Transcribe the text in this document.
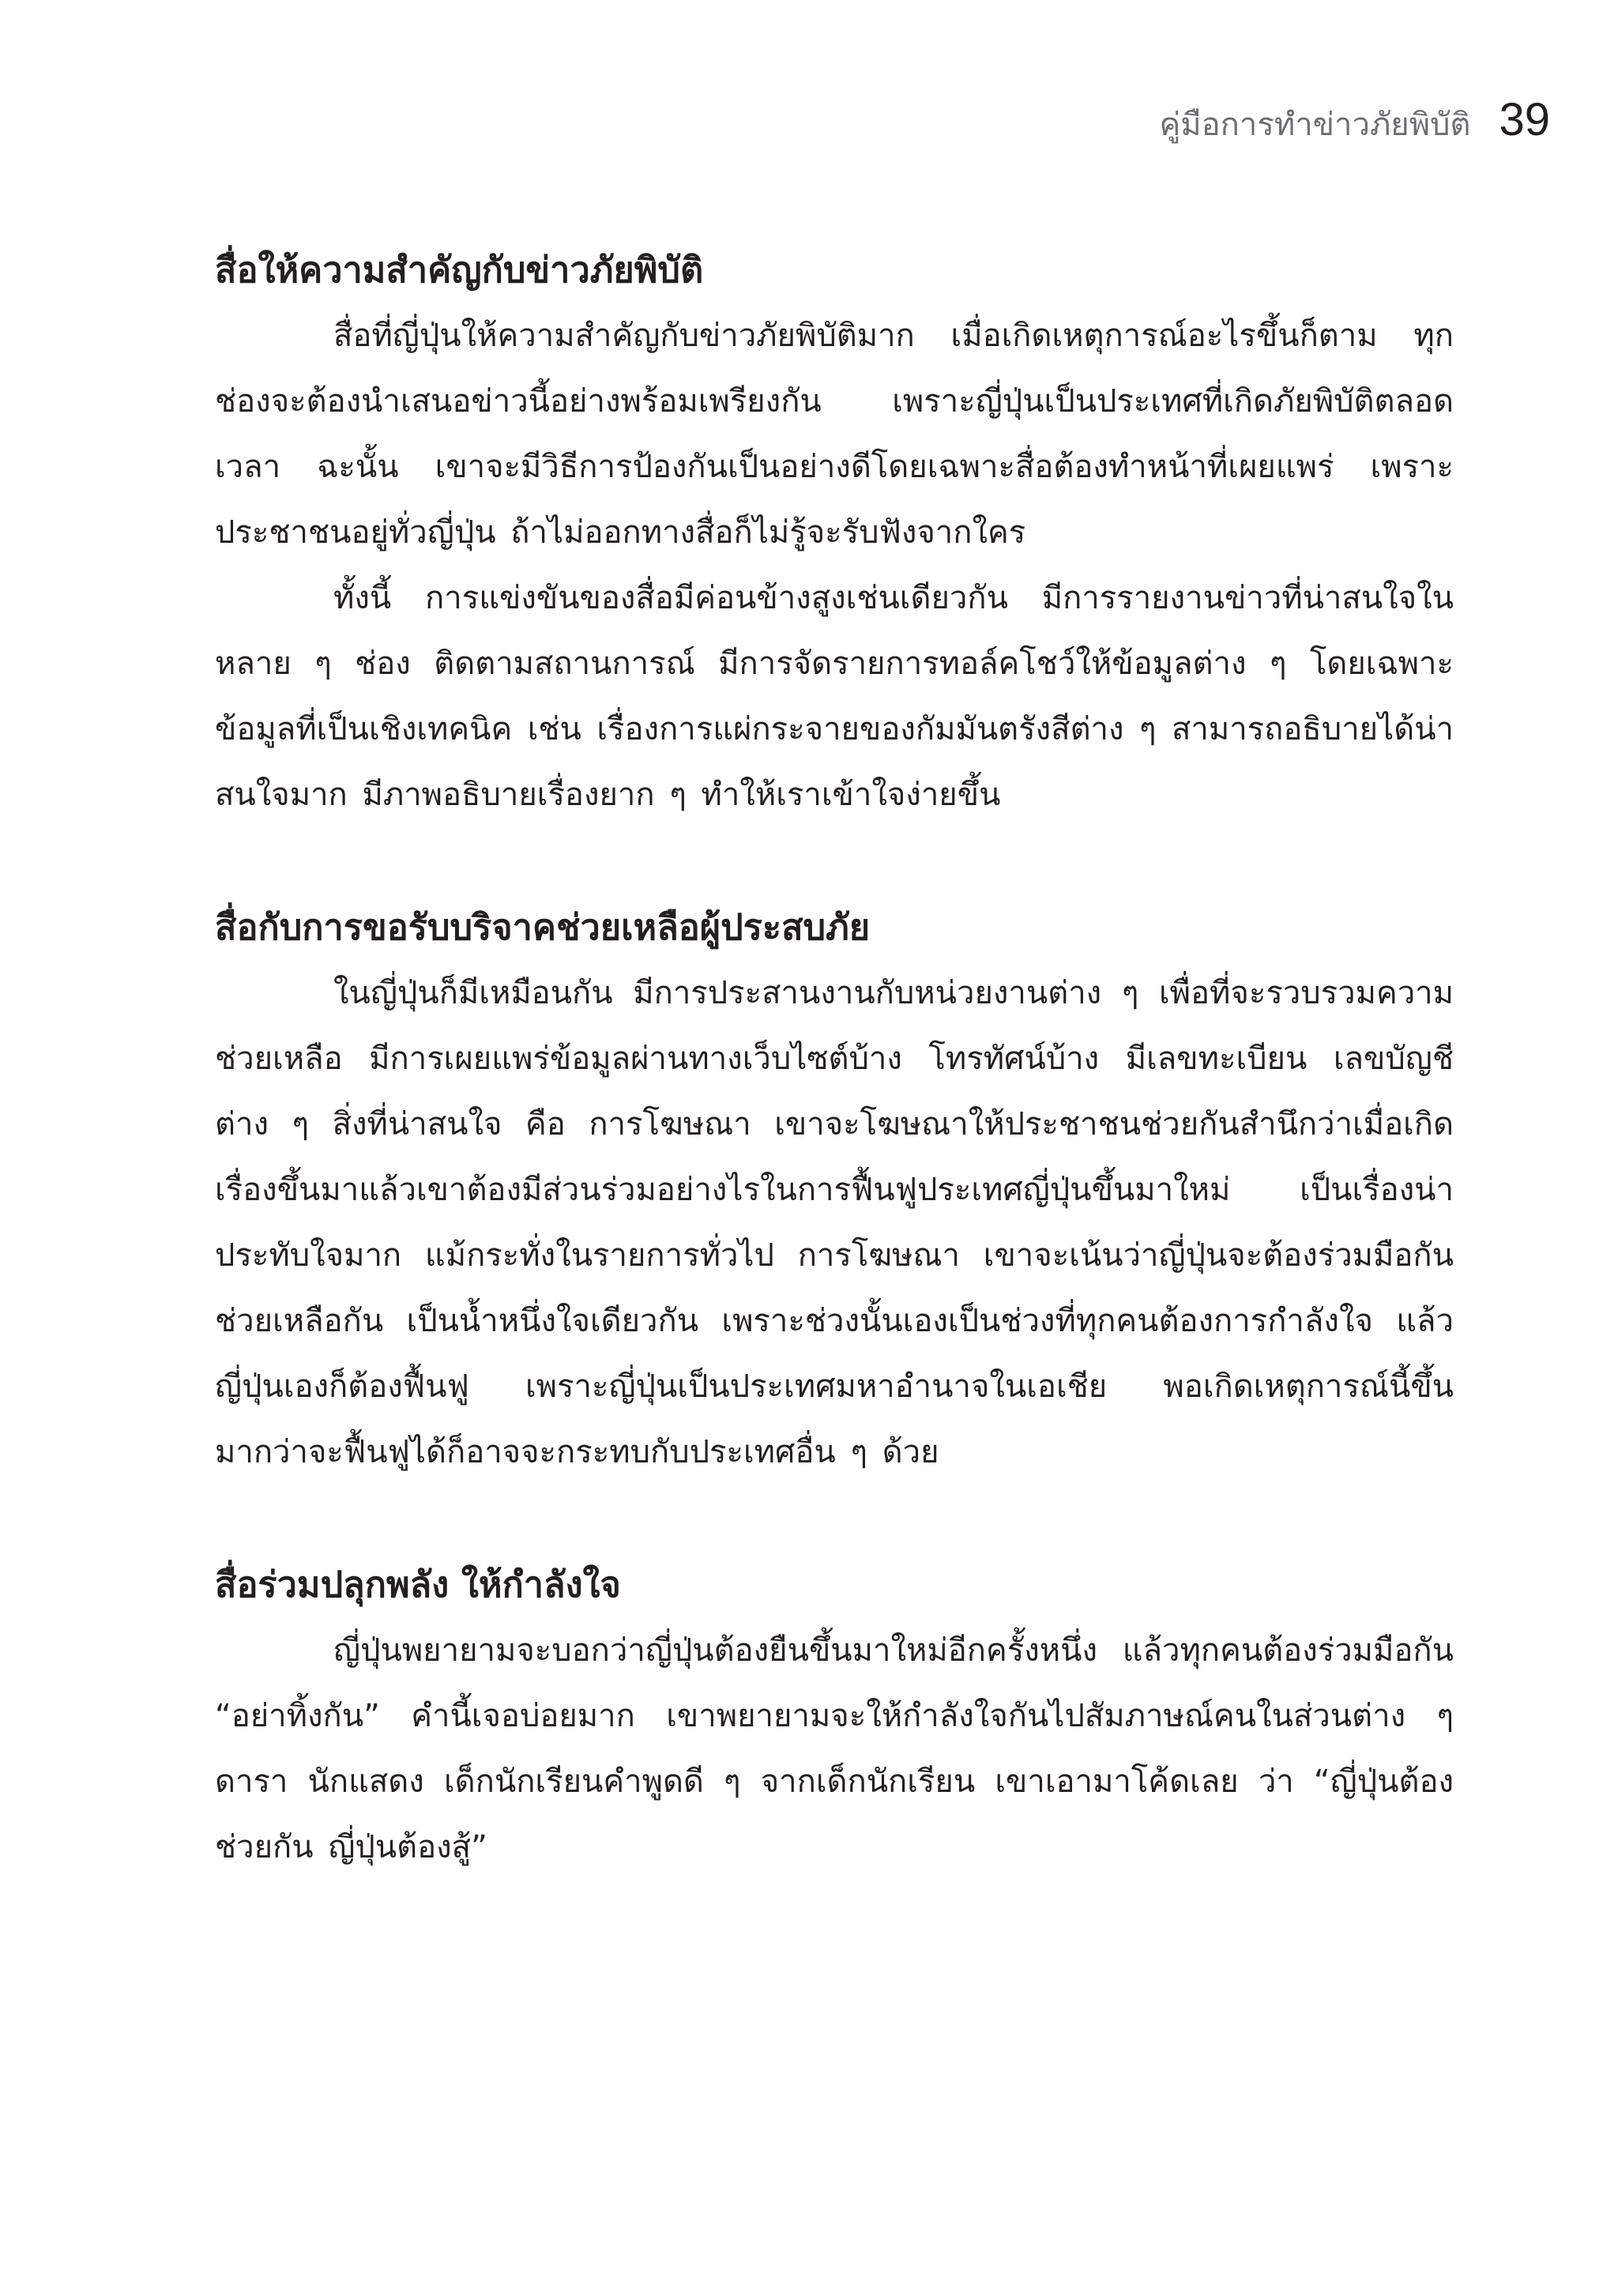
คู่มือการทำข่าวภัยพิบัติ 39
สื่อให้ความสำคัญกับข่าวภัยพิบัติ

สื่อที่ญี่ปุ่นให้ความสำคัญกับข่าวภัยพิบัติมาก เมื่อเกิดเหตุการณ์อะไรขึ้นก็ตาม ทุกช่องจะต้องนำเสนอข่าวนี้อย่างพร้อมเพรียงกัน เพราะญี่ปุ่นเป็นประเทศที่เกิดภัยพิบัติตลอดเวลา ฉะนั้น เขาจะมีวิธีการป้องกันเป็นอย่างดีโดยเฉพาะสื่อต้องทำหน้าที่เผยแพร่ เพราะประชาชนอยู่ทั่วญี่ปุ่น ถ้าไม่ออกทางสื่อก็ไม่รู้จะรับฟังจากใคร

ทั้งนี้ การแข่งขันของสื่อมีค่อนข้างสูงเช่นเดียวกัน มีการรายงานข่าวที่น่าสนใจในหลาย ๆ ช่อง ติดตามสถานการณ์ มีการจัดรายการทอล์คโชว์ให้ข้อมูลต่าง ๆ โดยเฉพาะข้อมูลที่เป็นเชิงเทคนิค เช่น เรื่องการแผ่กระจายของกัมมันตรังสีต่าง ๆ สามารถอธิบายได้น่าสนใจมาก มีภาพอธิบายเรื่องยาก ๆ ทำให้เราเข้าใจง่ายขึ้น

สื่อกับการขอรับบริจาคช่วยเหลือผู้ประสบภัย

ในญี่ปุ่นก็มีเหมือนกัน มีการประสานงานกับหน่วยงานต่าง ๆ เพื่อที่จะรวบรวมความช่วยเหลือ มีการเผยแพร่ข้อมูลผ่านทางเว็บไซต์บ้าง โทรทัศน์บ้าง มีเลขทะเบียน เลขบัญชีต่าง ๆ สิ่งที่น่าสนใจ คือ การโฆษณา เขาจะโฆษณาให้ประชาชนช่วยกันสำนึกว่าเมื่อเกิดเรื่องขึ้นมาแล้วเขาต้องมีส่วนร่วมอย่างไรในการฟื้นฟูประเทศญี่ปุ่นขึ้นมาใหม่ เป็นเรื่องน่าประทับใจมาก แม้กระทั่งในรายการทั่วไป การโฆษณา เขาจะเน้นว่าญี่ปุ่นจะต้องร่วมมือกัน ช่วยเหลือกัน เป็นน้ำหนึ่งใจเดียวกัน เพราะช่วงนั้นเองเป็นช่วงที่ทุกคนต้องการกำลังใจ แล้วญี่ปุ่นเองก็ต้องฟื้นฟู เพราะญี่ปุ่นเป็นประเทศมหาอำนาจในเอเชีย พอเกิดเหตุการณ์นี้ขึ้นมากว่าจะฟื้นฟูได้ก็อาจจะกระทบกับประเทศอื่น ๆ ด้วย

สื่อร่วมปลุกพลัง ให้กำลังใจ

ญี่ปุ่นพยายามจะบอกว่าญี่ปุ่นต้องยืนขึ้นมาใหม่อีกครั้งหนึ่ง แล้วทุกคนต้องร่วมมือกัน “อย่าทิ้งกัน” คำนี้เจอบ่อยมาก เขาพยายามจะให้กำลังใจกันไปสัมภาษณ์คนในส่วนต่าง ๆ ดารา นักแสดง เด็กนักเรียนคำพูดดี ๆ จากเด็กนักเรียน เขาเอามาโค้ดเลย ว่า “ญี่ปุ่นต้องช่วยกัน ญี่ปุ่นต้องสู้”
